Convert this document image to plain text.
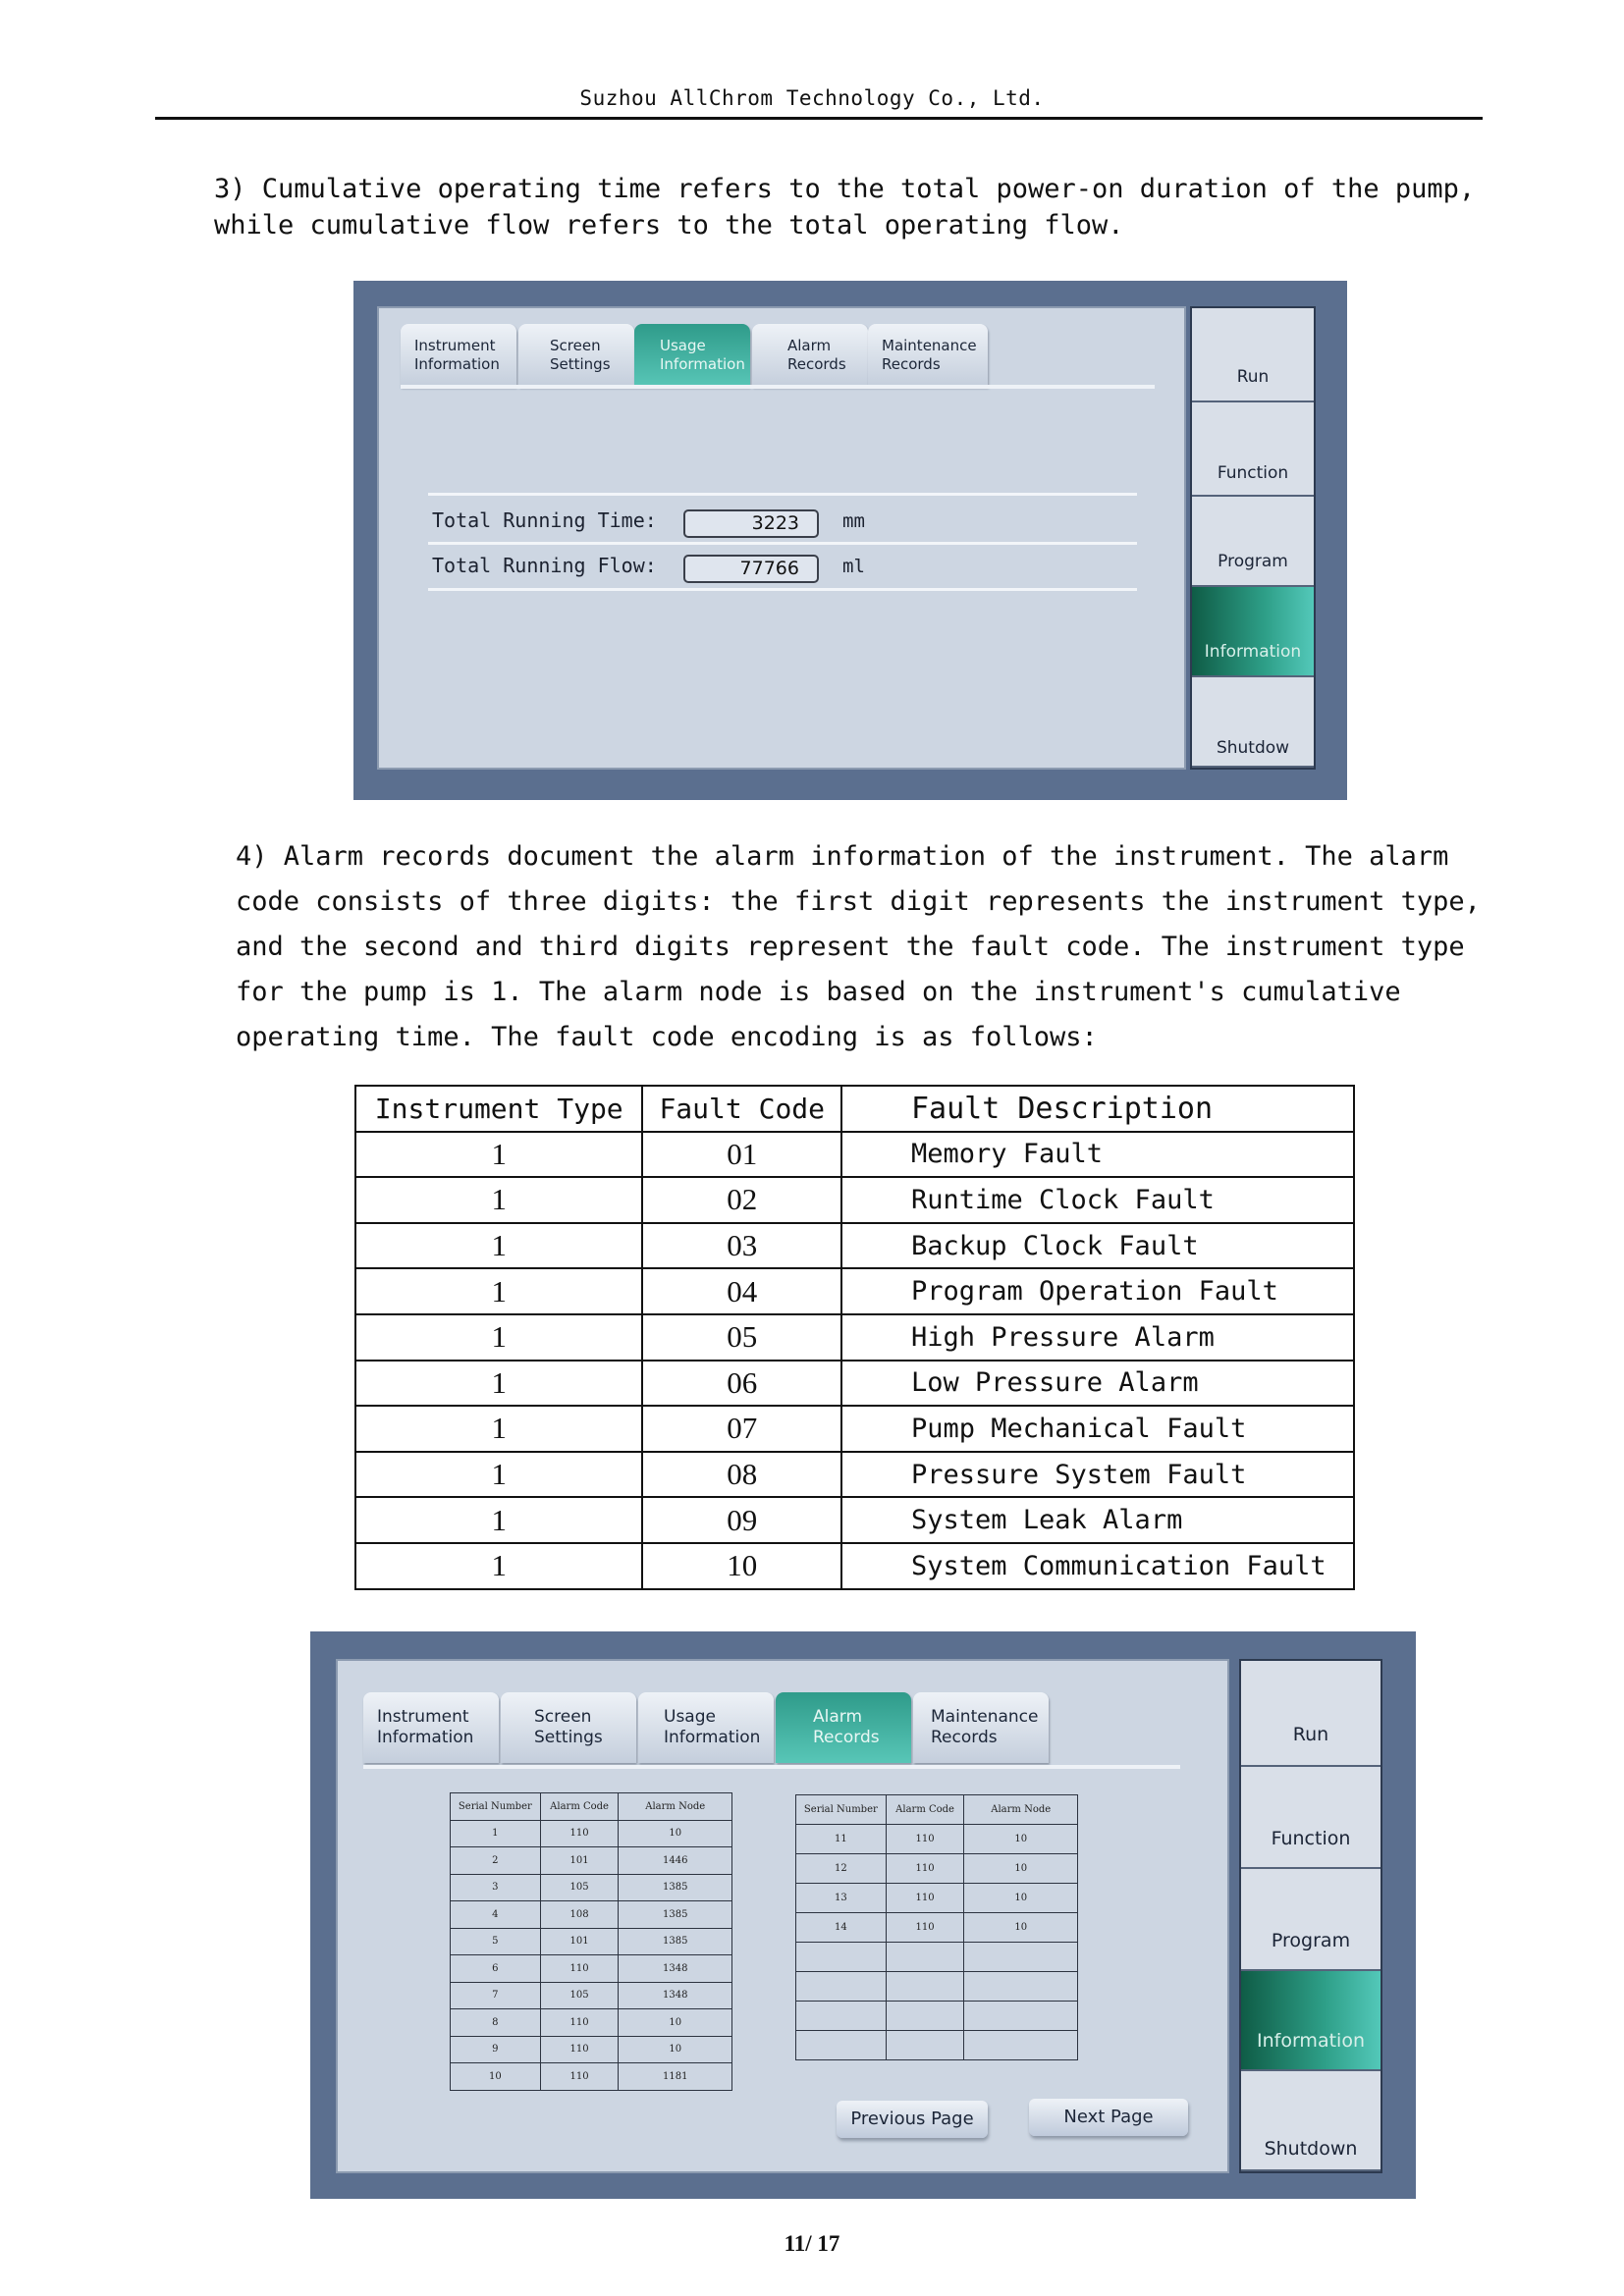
Suzhou AllChrom Technology Co., Ltd.
3) Cumulative operating time refers to the total power-on duration of the pump, while cumulative flow refers to the total operating flow.
Instrument
Information
Screen
Settings
Usage
Information
Alarm
Records
Maintenance
Records
Total Running Time:	3223	mm
Total Running Flow:	77766	ml
Run
Function
Program
Information
Shutdow
4) Alarm records document the alarm information of the instrument. The alarm code consists of three digits: the first digit represents the instrument type, and the second and third digits represent the fault code. The instrument type for the pump is 1. The alarm node is based on the instrument's cumulative operating time. The fault code encoding is as follows:
Instrument Type	Fault Code	Fault Description
1	01	Memory Fault
1	02	Runtime Clock Fault
1	03	Backup Clock Fault
1	04	Program Operation Fault
1	05	High Pressure Alarm
1	06	Low Pressure Alarm
1	07	Pump Mechanical Fault
1	08	Pressure System Fault
1	09	System Leak Alarm
1	10	System Communication Fault
Instrument
Information
Screen
Settings
Usage
Information
Alarm
Records
Maintenance
Records
Serial Number	Alarm Code	Alarm Node
1	110	10
2	101	1446
3	105	1385
4	108	1385
5	101	1385
6	110	1348
7	105	1348
8	110	10
9	110	10
10	110	1181
Serial Number	Alarm Code	Alarm Node
11	110	10
12	110	10
13	110	10
14	110	10

Previous Page	Next Page
Run
Function
Program
Information
Shutdown
11/ 17
